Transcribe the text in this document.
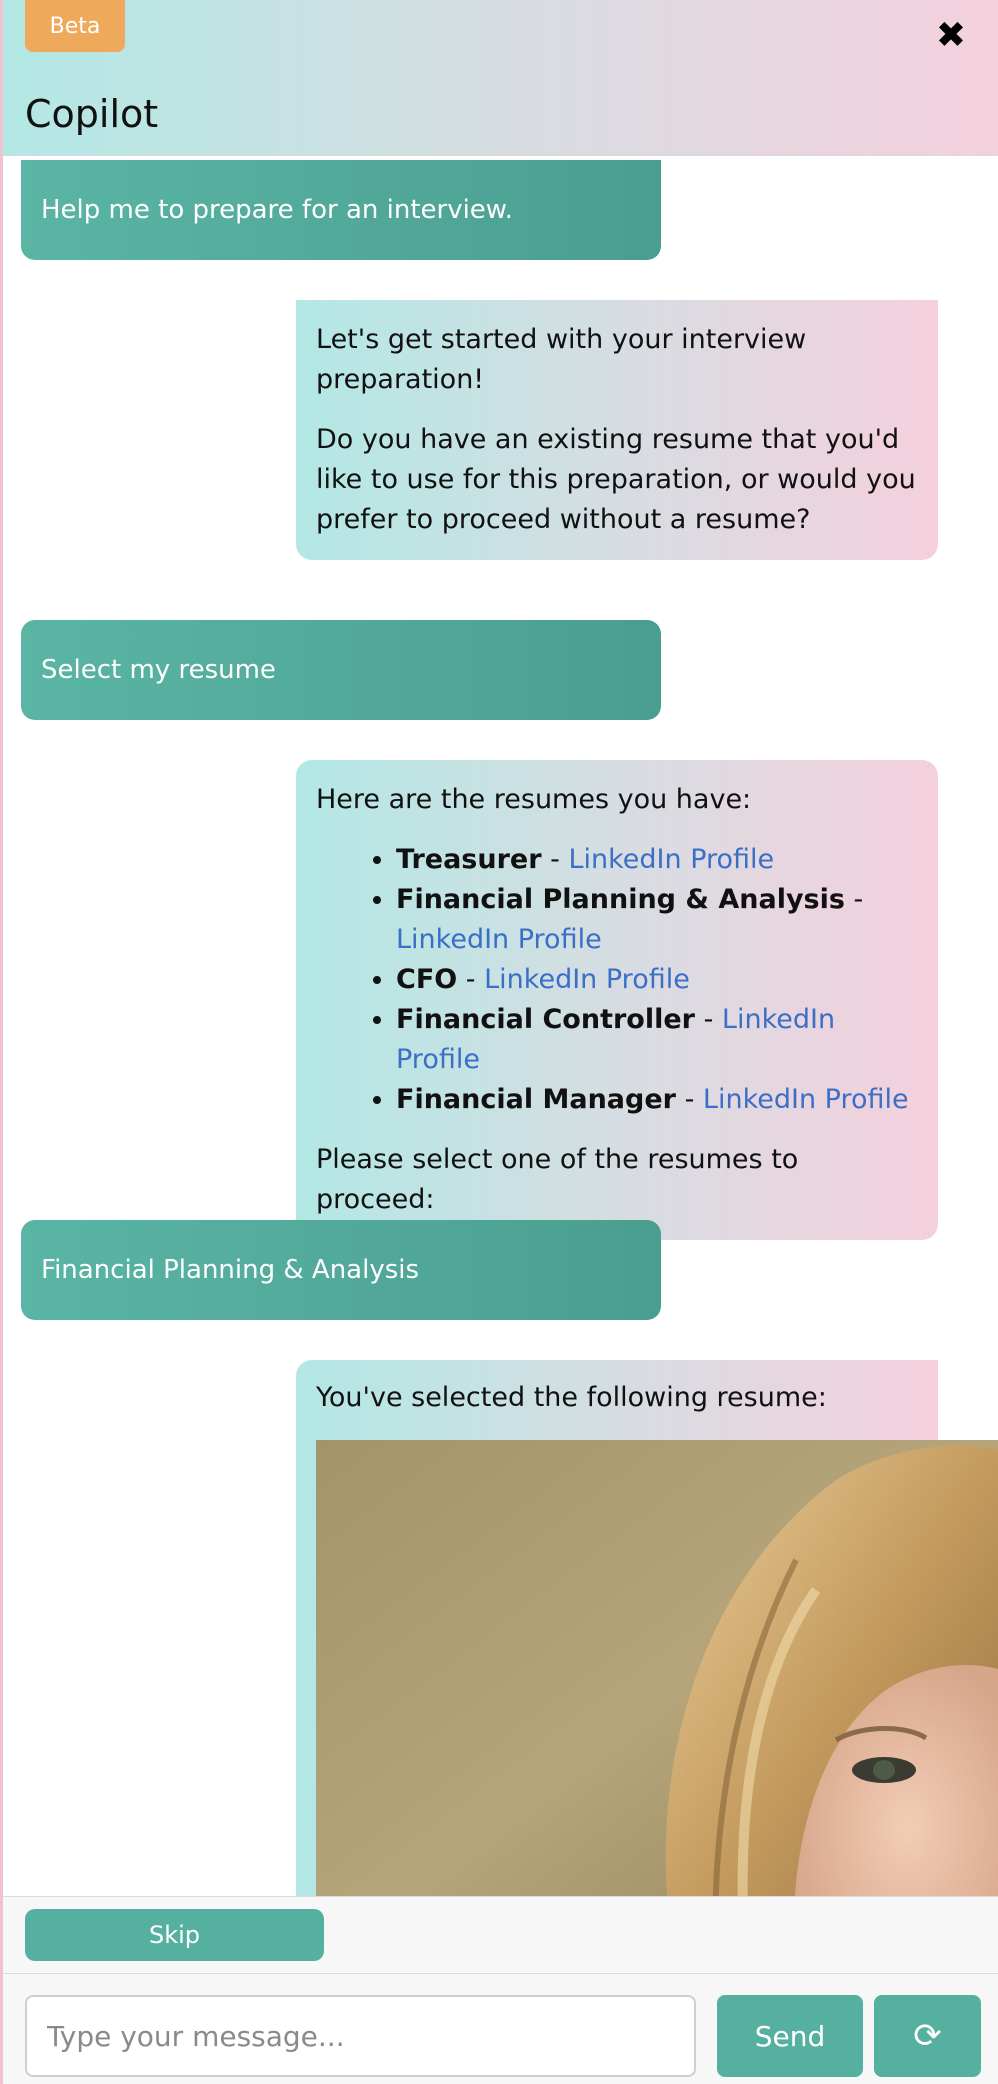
Beta
Copilot
✖
Help me to prepare for an interview.

Let's get started with your interview preparation!

Do you have an existing resume that you'd like to use for this preparation, or would you prefer to proceed without a resume?

Select my resume

Here are the resumes you have:

• Treasurer - LinkedIn Profile
• Financial Planning & Analysis - LinkedIn Profile
• CFO - LinkedIn Profile
• Financial Controller - LinkedIn Profile
• Financial Manager - LinkedIn Profile

Please select one of the resumes to proceed:

Financial Planning & Analysis
You've selected the following resume:
Skip
Type your message...
Send	⟳
